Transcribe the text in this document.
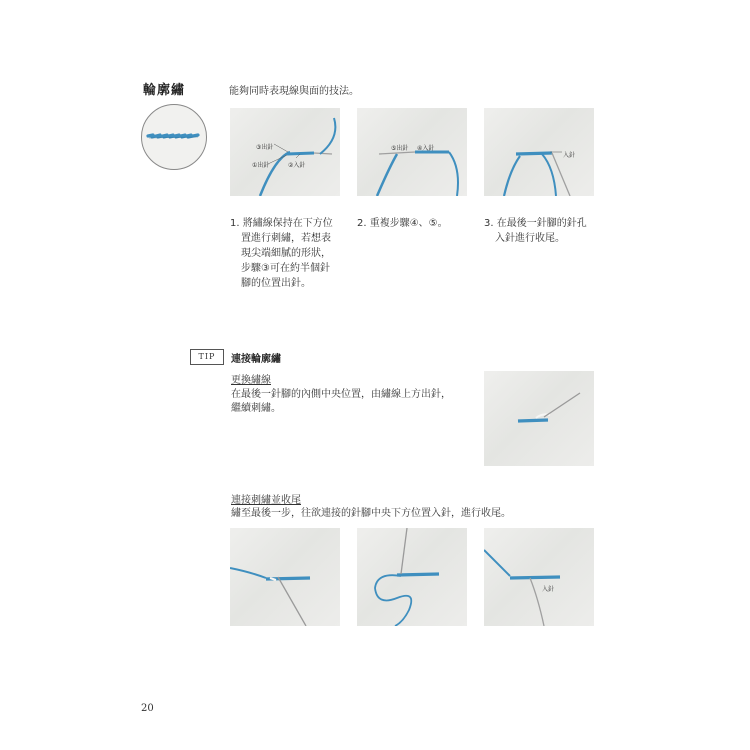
輪廓繡	能夠同時表現線與面的技法。
③出針
①出針	②入針
⑤出針 ④入針
入針
1. 將繡線保持在下方位
置進行刺繡，若想表
現尖端細膩的形狀，
步驟③可在約半個針
腳的位置出針。
2. 重複步驟④、⑤。	3. 在最後一針腳的針孔
入針進行收尾。
TIP	連接輪廓繡
更換繡線
在最後一針腳的內側中央位置，由繡線上方出針，
繼續刺繡。
連接刺繡並收尾
繡至最後一步，往欲連接的針腳中央下方位置入針，進行收尾。
入針
20
